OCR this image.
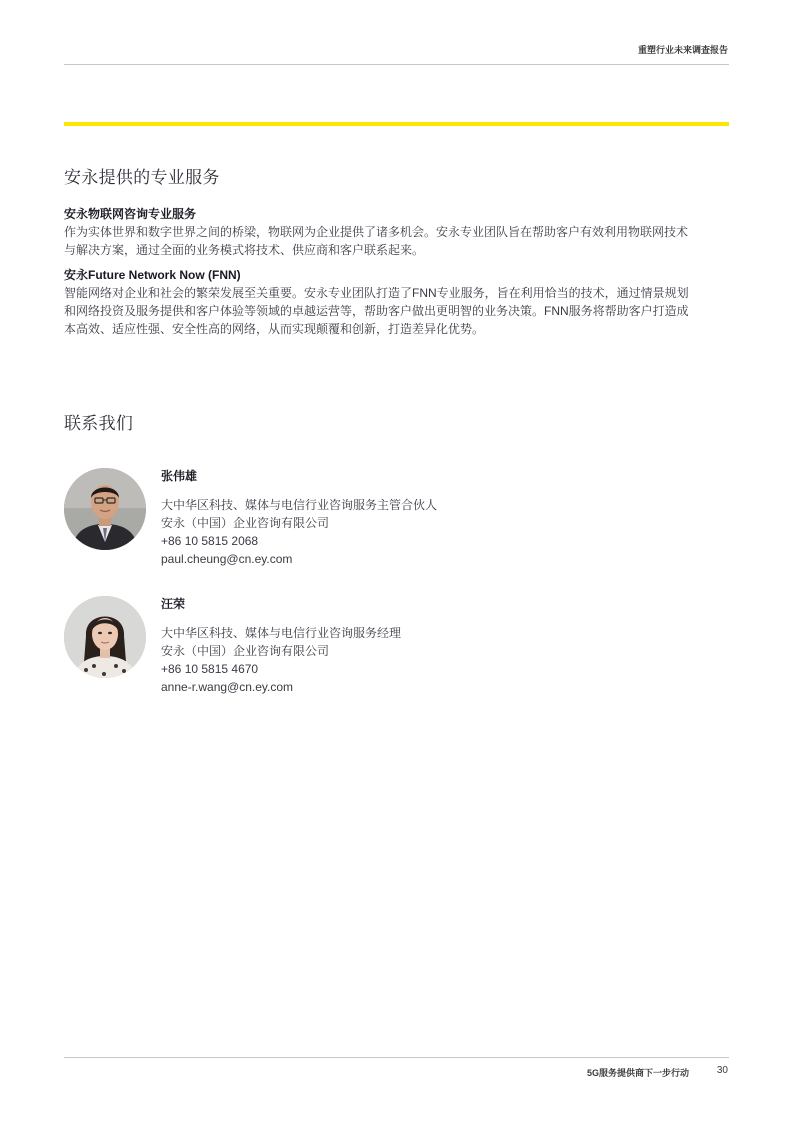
重塑行业未来调查报告
安永提供的专业服务
安永物联网咨询专业服务
作为实体世界和数字世界之间的桥梁，物联网为企业提供了诸多机会。安永专业团队旨在帮助客户有效利用物联网技术
与解决方案，通过全面的业务模式将技术、供应商和客户联系起来。
安永Future Network Now (FNN)
智能网络对企业和社会的繁荣发展至关重要。安永专业团队打造了FNN专业服务，旨在利用恰当的技术，通过情景规划
和网络投资及服务提供和客户体验等领域的卓越运营等，帮助客户做出更明智的业务决策。FNN服务将帮助客户打造成
本高效、适应性强、安全性高的网络，从而实现颠覆和创新，打造差异化优势。
联系我们
张伟雄
大中华区科技、媒体与电信行业咨询服务主管合伙人
安永（中国）企业咨询有限公司
+86 10 5815 2068
paul.cheung@cn.ey.com
汪荣
大中华区科技、媒体与电信行业咨询服务经理
安永（中国）企业咨询有限公司
+86 10 5815 4670
anne-r.wang@cn.ey.com
5G服务提供商下一步行动	30
